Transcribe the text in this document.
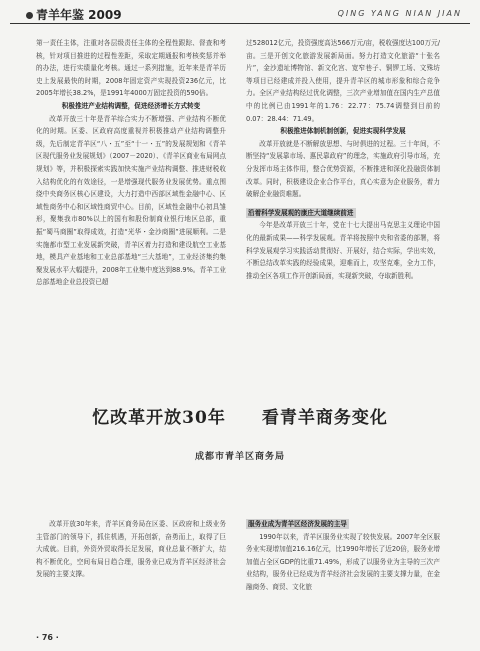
青羊年鉴 2009	QING YANG NIAN JIAN

第一责任主体，注重对各层级责任主体的全程性跟踪、督查和考核，针对项目推进的过程性差距，采取定期通报和考核奖惩并举的办法，进行实绩量化考核。通过一系列措施，近年来是青羊历史上发展最快的时期，2008年固定资产实现投资236亿元，比2005年增长38.2%，是1991年4000万固定投资的590倍。

积极推进产业结构调整，促进经济增长方式转变

改革开放三十年是青羊综合实力不断增强、产业结构不断优化的时期。区委、区政府高度重视并积极推动产业结构调整升级，先后制定青羊区“八・五”至“十一・五”的发展规划和《青羊区现代服务业发展规划》（2007－2020）、《青羊区商业布局网点规划》等，并积极探索实践加快实施产业结构调整、推进财税收入结构优化的有效途径，一是增强现代服务业发展优势。重点围绕中央商务区核心区建设，大力打造中西部区域性金融中心、区域性商务中心和区域性商贸中心。目前，区域性金融中心初具雏形，聚集我市80%以上的国有和股份制商业银行地区总部，重振“蜀马商圈”取得成效，打造“光华・金沙商圈”进展顺利。二是实施都市型工业发展新突破，青羊区着力打造和建设航空工业基地，模具产业基地和工业总部基地“三大基地”，工业经济集约集聚发展水平大幅提升，2008年工业集中度达到88.9%。青羊工业总部基地企业总投资已超

过528012亿元，投资强度高达566万元/亩，税收强度达100万元/亩。三是开创文化旅游发展新局面。努力打造文化旅游“十张名片”，金沙遗址博物馆、新文化宫、宽窄巷子、铜锣工场、文殊坊等项目已经建成并投入使用，提升青羊区的城市形象和综合竞争力。全区产业结构经过优化调整，三次产业增加值在国内生产总值中的比例已由1991年的1.76：22.77：75.74调整到目前的0.07：28.44：71.49。

积极推进体制机制创新，促进实现科学发展

改革开放就是不断解放思想、与时俱进的过程。三十年间，不断坚持“发展靠市场、惠民靠政府”的理念，实施政府引导市场，充分发挥市场主体作用，整合优势资源，不断推进和深化投融资体制改革。同时，积极建设企业合作平台，真心实意为企业服务，着力破解企业融资难题。

沿着科学发展观的康庄大道继续前进

今年是改革开放三十年，党在十七大提出马克思主义理论中国化的最新成果——科学发展观。青羊将按照中央和省委的部署，将科学发展观学习实践活动贯彻好、开展好，结合实际，学出实效，不断总结改革实践的经验成果，迎难而上，攻坚克难，全力工作，推动全区各项工作开创新局面，实现新突破，夺取新胜利。

忆改革开放30年 看青羊商务变化
成都市青羊区商务局

改革开放30年来，青羊区商务局在区委、区政府和上级业务主管部门的领导下，抓住机遇，开拓创新，奋勇而上，取得了巨大成就。目前，外资外贸取得长足发展，商业总量不断扩大，结构不断优化，空间布局日趋合理，服务业已成为青羊区经济社会发展的主要支撑。

服务业成为青羊区经济发展的主导

1990年以来，青羊区服务业实现了较快发展。2007年全区服务业实现增加值216.16亿元，比1990年增长了近20倍，服务业增加值占全区GDP的比重71.49%，形成了以服务业为主导的三次产业结构，服务业已经成为青羊经济社会发展的主要支撑力量，在金融商务、商贸、文化旅

· 76 ·
